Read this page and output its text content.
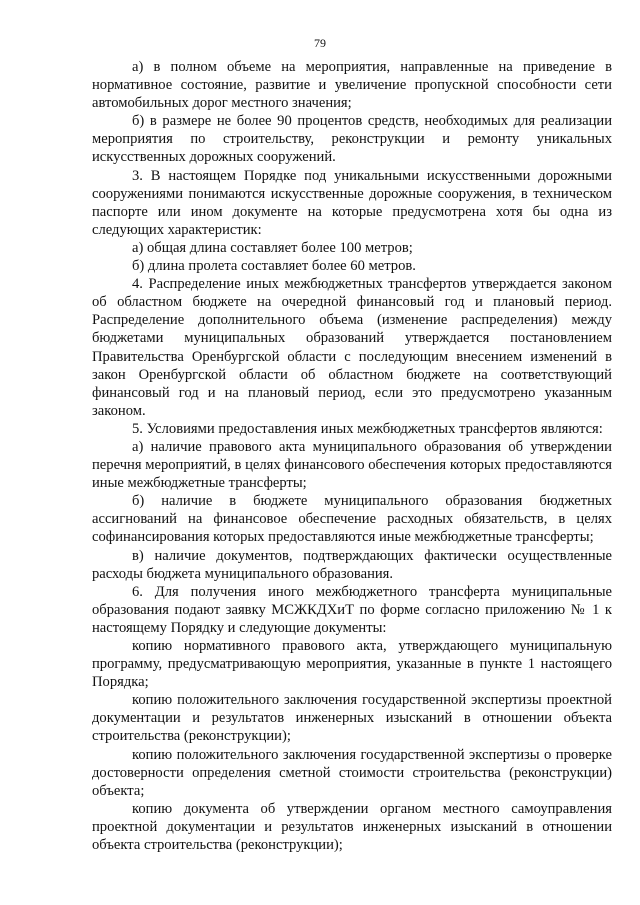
79

а) в полном объеме на мероприятия, направленные на приведение в нормативное состояние, развитие и увеличение пропускной способности сети автомобильных дорог местного значения;

б) в размере не более 90 процентов средств, необходимых для реализации мероприятия по строительству, реконструкции и ремонту уникальных искусственных дорожных сооружений.

3. В настоящем Порядке под уникальными искусственными дорожными сооружениями понимаются искусственные дорожные сооружения, в техническом паспорте или ином документе на которые предусмотрена хотя бы одна из следующих характеристик:

а) общая длина составляет более 100 метров;

б) длина пролета составляет более 60 метров.

4. Распределение иных межбюджетных трансфертов утверждается законом об областном бюджете на очередной финансовый год и плановый период. Распределение дополнительного объема (изменение распределения) между бюджетами муниципальных образований утверждается постановлением Правительства Оренбургской области с последующим внесением изменений в закон Оренбургской области об областном бюджете на соответствующий финансовый год и на плановый период, если это предусмотрено указанным законом.

5. Условиями предоставления иных межбюджетных трансфертов являются:

а) наличие правового акта муниципального образования об утверждении перечня мероприятий, в целях финансового обеспечения которых предоставляются иные межбюджетные трансферты;

б) наличие в бюджете муниципального образования бюджетных ассигнований на финансовое обеспечение расходных обязательств, в целях софинансирования которых предоставляются иные межбюджетные трансферты;

в) наличие документов, подтверждающих фактически осуществленные расходы бюджета муниципального образования.

6. Для получения иного межбюджетного трансферта муниципальные образования подают заявку МСЖКДХиТ по форме согласно приложению № 1 к настоящему Порядку и следующие документы:

копию нормативного правового акта, утверждающего муниципальную программу, предусматривающую мероприятия, указанные в пункте 1 настоящего Порядка;

копию положительного заключения государственной экспертизы проектной документации и результатов инженерных изысканий в отношении объекта строительства (реконструкции);

копию положительного заключения государственной экспертизы о проверке достоверности определения сметной стоимости строительства (реконструкции) объекта;

копию документа об утверждении органом местного самоуправления проектной документации и результатов инженерных изысканий в отношении объекта строительства (реконструкции);
